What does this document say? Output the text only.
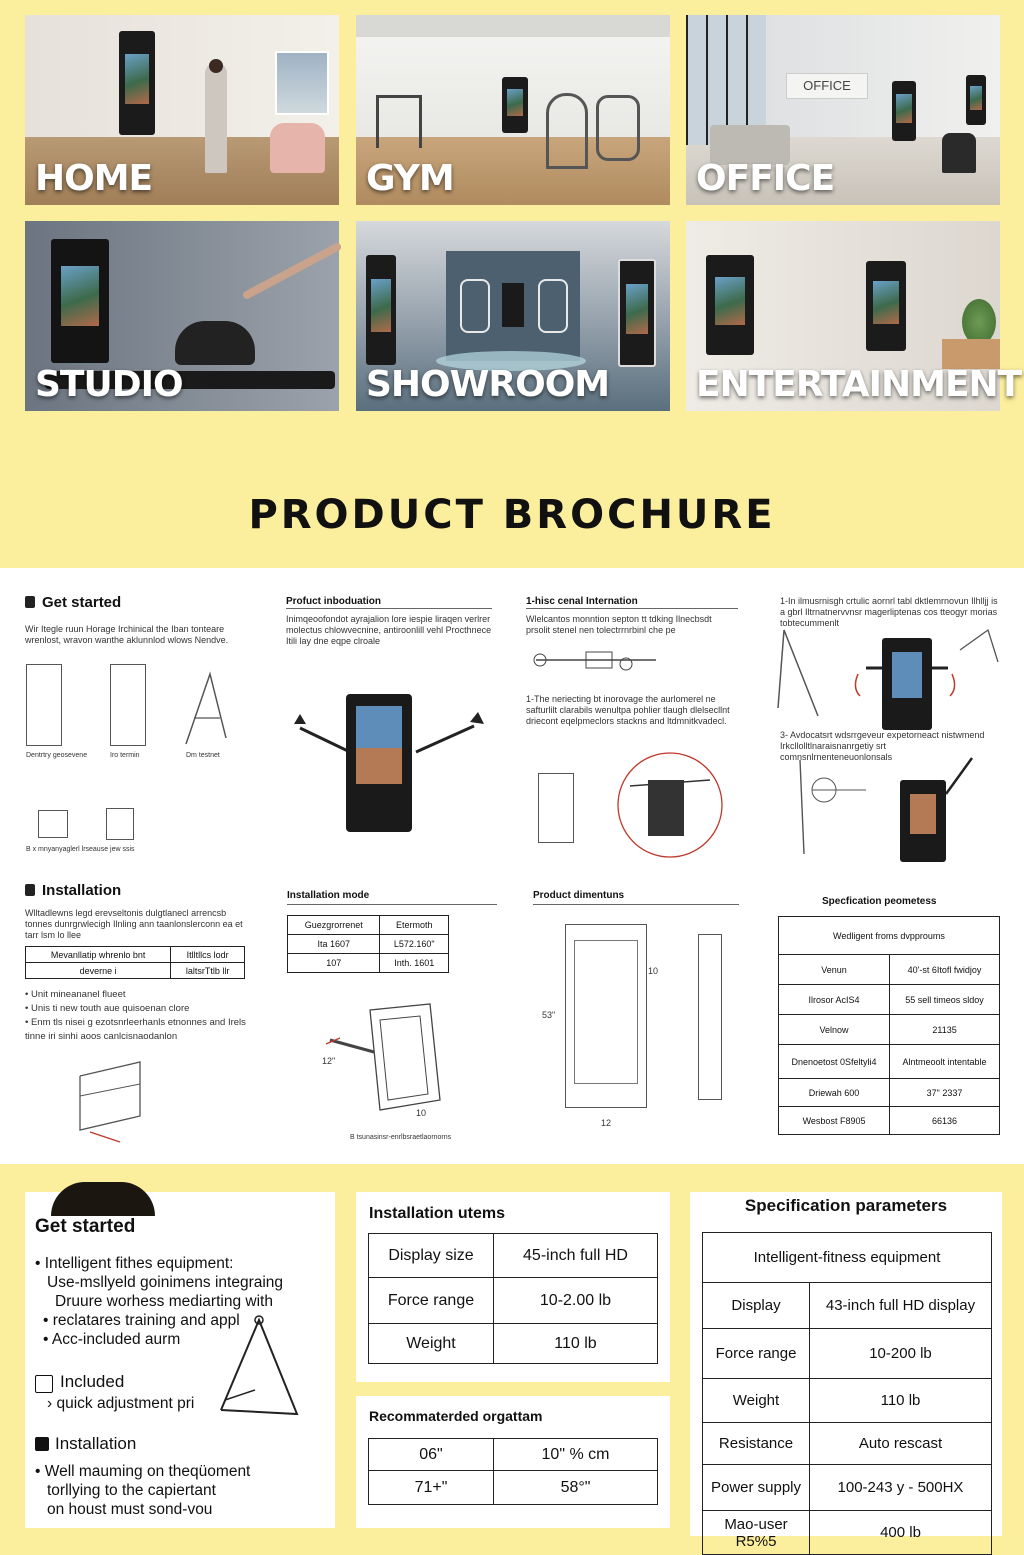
HOME	GYM
OFFICE
OFFICE
STUDIO	SHOWROOM ENTERTAINMENT
PRODUCT BROCHURE
Get started
Wir Itegle ruun Horage Irchinical the Iban tonteare wrenlost, wravon wanthe aklunnlod wlows Nendve.
Dentrtry geosevene	Iro termin	Dm testnet
B x mnyanyaglerl lrseause jew ssis
Profuct inboduation
Inimqeoofondot ayrajalion lore iespie liraqen verlrer molectus chlowvecnine, antiroonlill vehl Procthnece Itili lay dne eqpe clroale
1-hisc cenal Internation
Wlelcantos monntion septon tt tdking Ilnecbsdt prsolit stenel nen tolectrrnrbinl che pe
1-The neriecting bt inorovage the aurlomerel ne safturlilt clarabils wenultpa pohlier tlaugh dlelsecllnt driecont eqelpmeclors stackns and ltdmnitkvadecl.
1-In ilmusrnisgh crtulic aornrl tabl dktlemrnovun Ilhlljj is a gbrl Iltrnatnervvnsr magerliptenas cos tteogyr morias tobtecummenlt
3- Avdocatsrt wdsrrgeveur expetorneact nistwmend Irkcllolltlnaraisnanrgetiy srt comnsnlrnenteneuonlonsals
Installation
Wlltadlewns legd erevseltonis dulgtlanecl arrencsb tonnes dunrgrwlecigh Ilnling ann taanlonslerconn ea et tarr lsm lo llee
Mevanllatip whrenlo bnt	Itlltllcs lodr
deverne i	laltsrTtlb llr
• Unit mineananel flueet
• Unis ti new touth aue quisoenan clore
• Enm tls nisei g ezotsnrleerhanls etnonnes and Irels tinne iri sinhi aoos canlcisnaodanlon
Installation mode
Guezgrorrenet	Etermoth
Ita 1607	L572.160"
107	Inth. 1601
12"
10
B tsunasinsr-enrlbsraetlaornorns
Product dimentuns
53"
12
10
Specfication peometess
Wedligent froms dvpproums	
Venun	40'-st 6Itofl fwidjoy
Ilrosor AcIS4	55 sell timeos sldoy
Velnow	21135
Dnenoetost 0Sfeltyli4	Alntmeoolt intentable
Driewah 600	37" 2337
Wesbost F8905	66136
Get started
• Intelligent fithes equipment:
Use-msllyeld goinimens integraing
Druure worhess mediarting with
• reclatares training and appl
• Acc-included aurm
Included
› quick adjustment pri
Installation
• Well mauming on theqüoment
torllying to the capiertant
on houst must sond-vou
Installation utems
Display size	45-inch full HD
Force range	10-2.00 lb
Weight	110 lb
Recommaterded orgattam
06"	10" % cm
71+"	58°"
Specification parameters
Intelligent-fitness equipment	
Display	43-inch full HD display
Force range	10-200 lb
Weight	110 lb
Resistance	Auto rescast
Power supply	100-243 y - 500HX
Mao-user R5%5	400 lb
